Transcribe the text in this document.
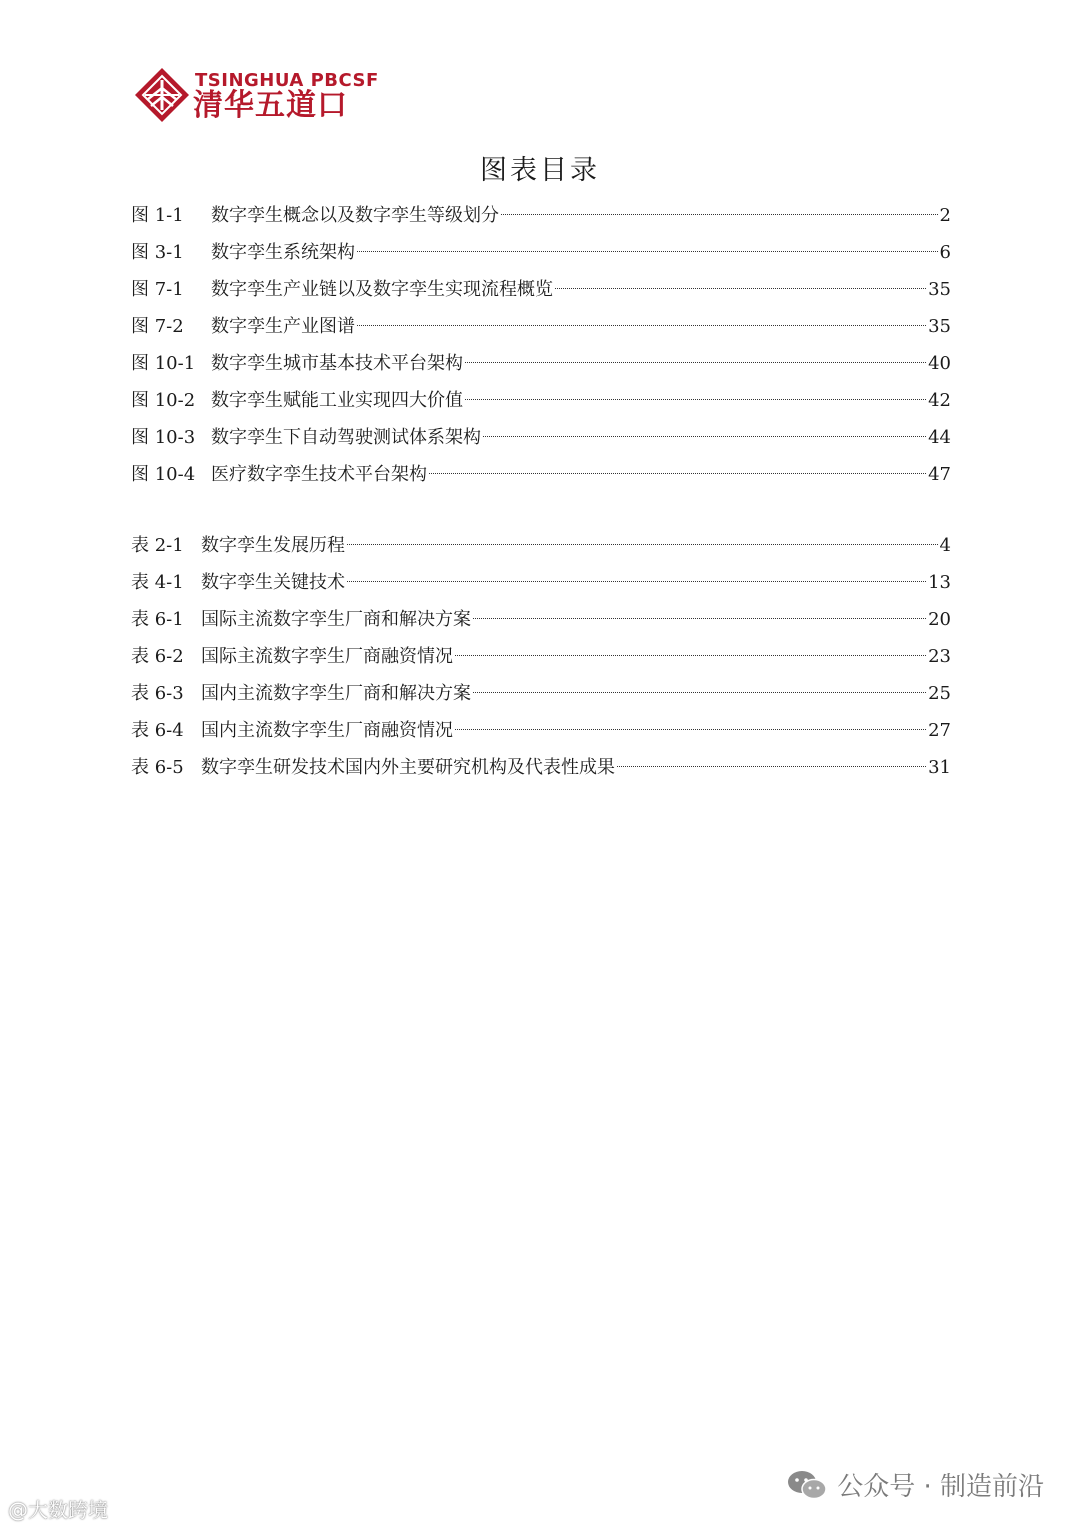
TSINGHUA PBCSF
清华五道口
图表目录
图 1-1	数字孪生概念以及数字孪生等级划分	2
图 3-1	数字孪生系统架构	6
图 7-1	数字孪生产业链以及数字孪生实现流程概览	35
图 7-2	数字孪生产业图谱	35
图 10-1 数字孪生城市基本技术平台架构	40
图 10-2 数字孪生赋能工业实现四大价值	42
图 10-3 数字孪生下自动驾驶测试体系架构	44
图 10-4 医疗数字孪生技术平台架构	47
表 2-1 数字孪生发展历程	4
表 4-1 数字孪生关键技术	13
表 6-1 国际主流数字孪生厂商和解决方案	20
表 6-2 国际主流数字孪生厂商融资情况	23
表 6-3 国内主流数字孪生厂商和解决方案	25
表 6-4 国内主流数字孪生厂商融资情况	27
表 6-5 数字孪生研发技术国内外主要研究机构及代表性成果	31
@大数跨境
公众号 · 制造前沿
